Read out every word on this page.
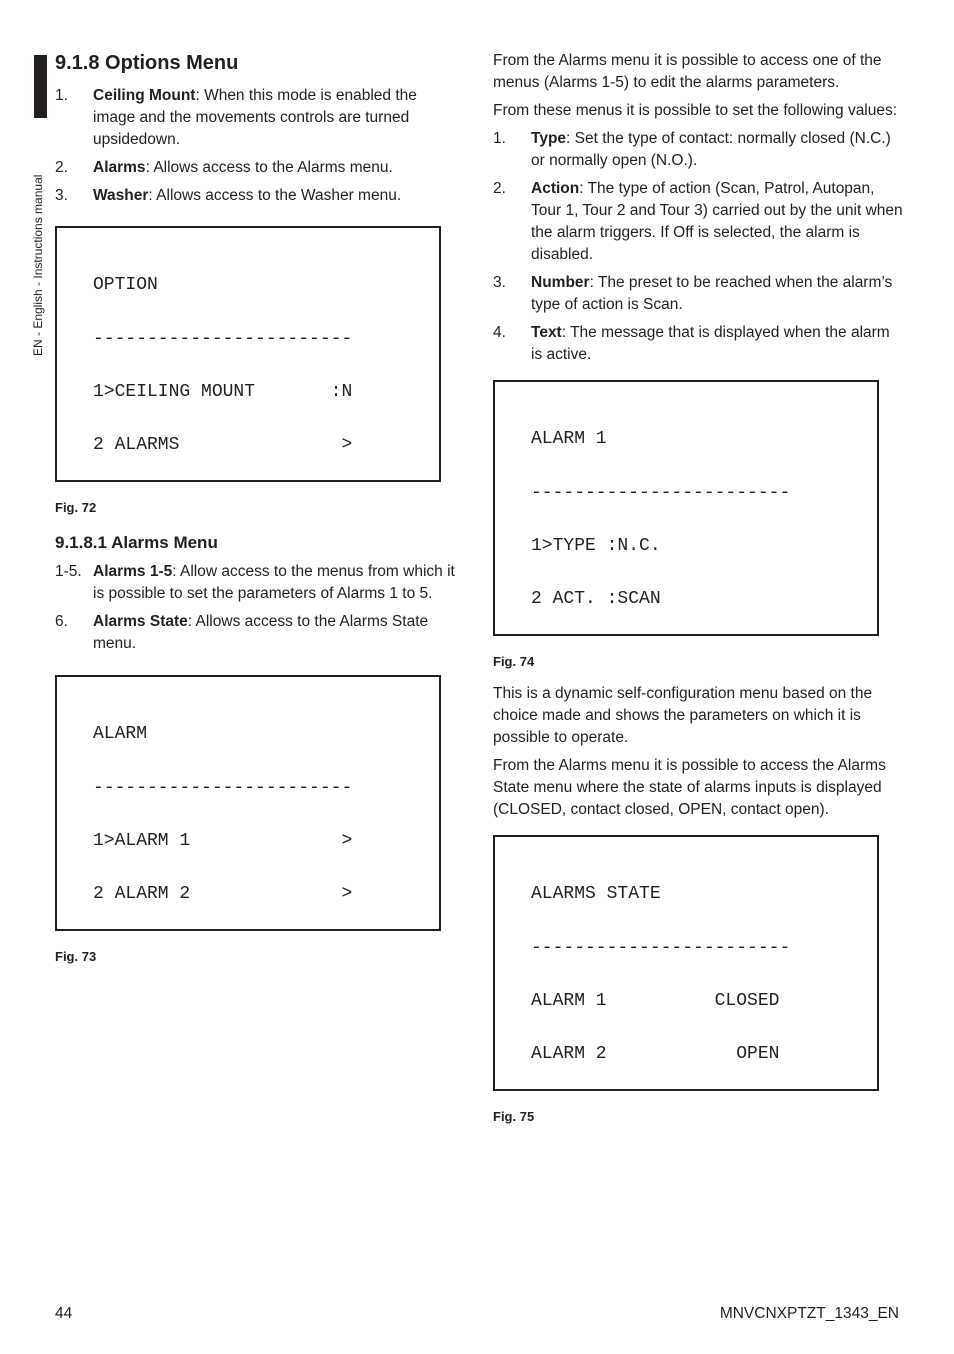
EN - English - Instructions manual
9.1.8 Options Menu
1. Ceiling Mount: When this mode is enabled the image and the movements controls are turned upsidedown.
2. Alarms: Allows access to the Alarms menu.
3. Washer: Allows access to the Washer menu.

OPTION

------------------------

1>CEILING MOUNT       :N

2 ALARMS               >

Fig. 72
9.1.8.1 Alarms Menu
1-5. Alarms 1-5: Allow access to the menus from which it is possible to set the parameters of Alarms 1 to 5.
6. Alarms State: Allows access to the Alarms State menu.

ALARM

------------------------

1>ALARM 1              >

2 ALARM 2              >

Fig. 73

From the Alarms menu it is possible to access one of the menus (Alarms 1-5) to edit the alarms parameters.

From these menus it is possible to set the following values:

1. Type: Set the type of contact: normally closed (N.C.) or normally open (N.O.).
2. Action: The type of action (Scan, Patrol, Autopan, Tour 1, Tour 2 and Tour 3) carried out by the unit when the alarm triggers. If Off is selected, the alarm is disabled.
3. Number: The preset to be reached when the alarm’s type of action is Scan.
4. Text: The message that is displayed when the alarm is active.

ALARM 1

------------------------

1>TYPE :N.C.

2 ACT. :SCAN

Fig. 74

This is a dynamic self-configuration menu based on the choice made and shows the parameters on which it is possible to operate.

From the Alarms menu it is possible to access the Alarms State menu where the state of alarms inputs is displayed (CLOSED, contact closed, OPEN, contact open).

ALARMS STATE

------------------------

ALARM 1          CLOSED

ALARM 2            OPEN

Fig. 75
44	MNVCNXPTZT_1343_EN
